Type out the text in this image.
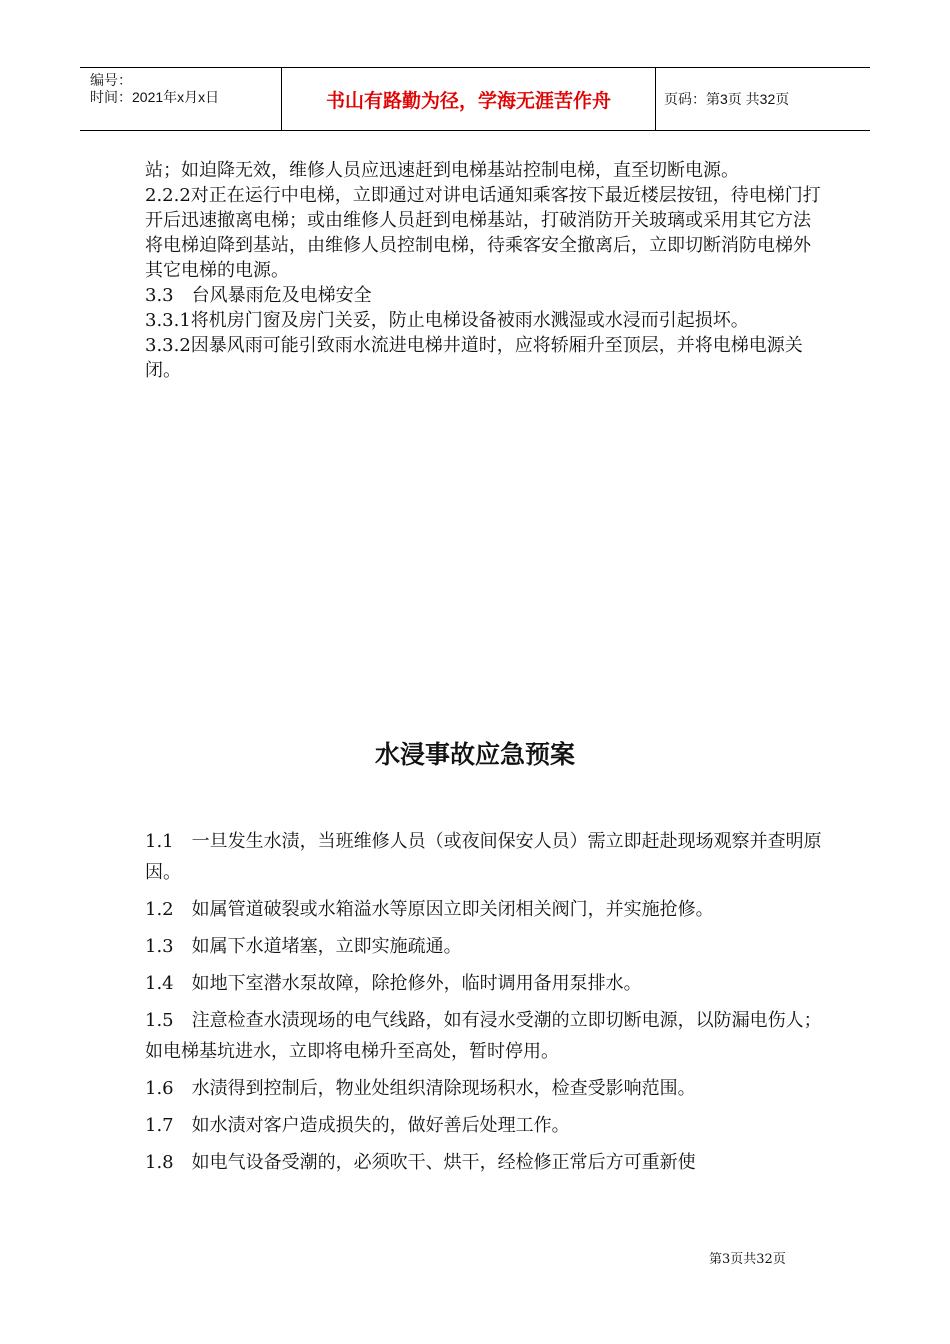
编号：
时间：2021年x月x日	书山有路勤为径，学海无涯苦作舟	页码：第3页 共32页

站；如迫降无效，维修人员应迅速赶到电梯基站控制电梯，直至切断电源。

2.2.2对正在运行中电梯，立即通过对讲电话通知乘客按下最近楼层按钮，待电梯门打开后迅速撤离电梯；或由维修人员赶到电梯基站，打破消防开关玻璃或采用其它方法将电梯迫降到基站，由维修人员控制电梯，待乘客安全撤离后，立即切断消防电梯外其它电梯的电源。

3.3　台风暴雨危及电梯安全

3.3.1将机房门窗及房门关妥，防止电梯设备被雨水溅湿或水浸而引起损坏。

3.3.2因暴风雨可能引致雨水流进电梯井道时，应将轿厢升至顶层，并将电梯电源关闭。

水浸事故应急预案

1.1　一旦发生水渍，当班维修人员（或夜间保安人员）需立即赶赴现场观察并查明原因。

1.2　如属管道破裂或水箱溢水等原因立即关闭相关阀门，并实施抢修。

1.3　如属下水道堵塞，立即实施疏通。

1.4　如地下室潜水泵故障，除抢修外，临时调用备用泵排水。

1.5　注意检查水渍现场的电气线路，如有浸水受潮的立即切断电源，以防漏电伤人；如电梯基坑进水，立即将电梯升至高处，暂时停用。

1.6　水渍得到控制后，物业处组织清除现场积水，检查受影响范围。

1.7　如水渍对客户造成损失的，做好善后处理工作。

1.8　如电气设备受潮的，必须吹干、烘干，经检修正常后方可重新使

第3页共32页
